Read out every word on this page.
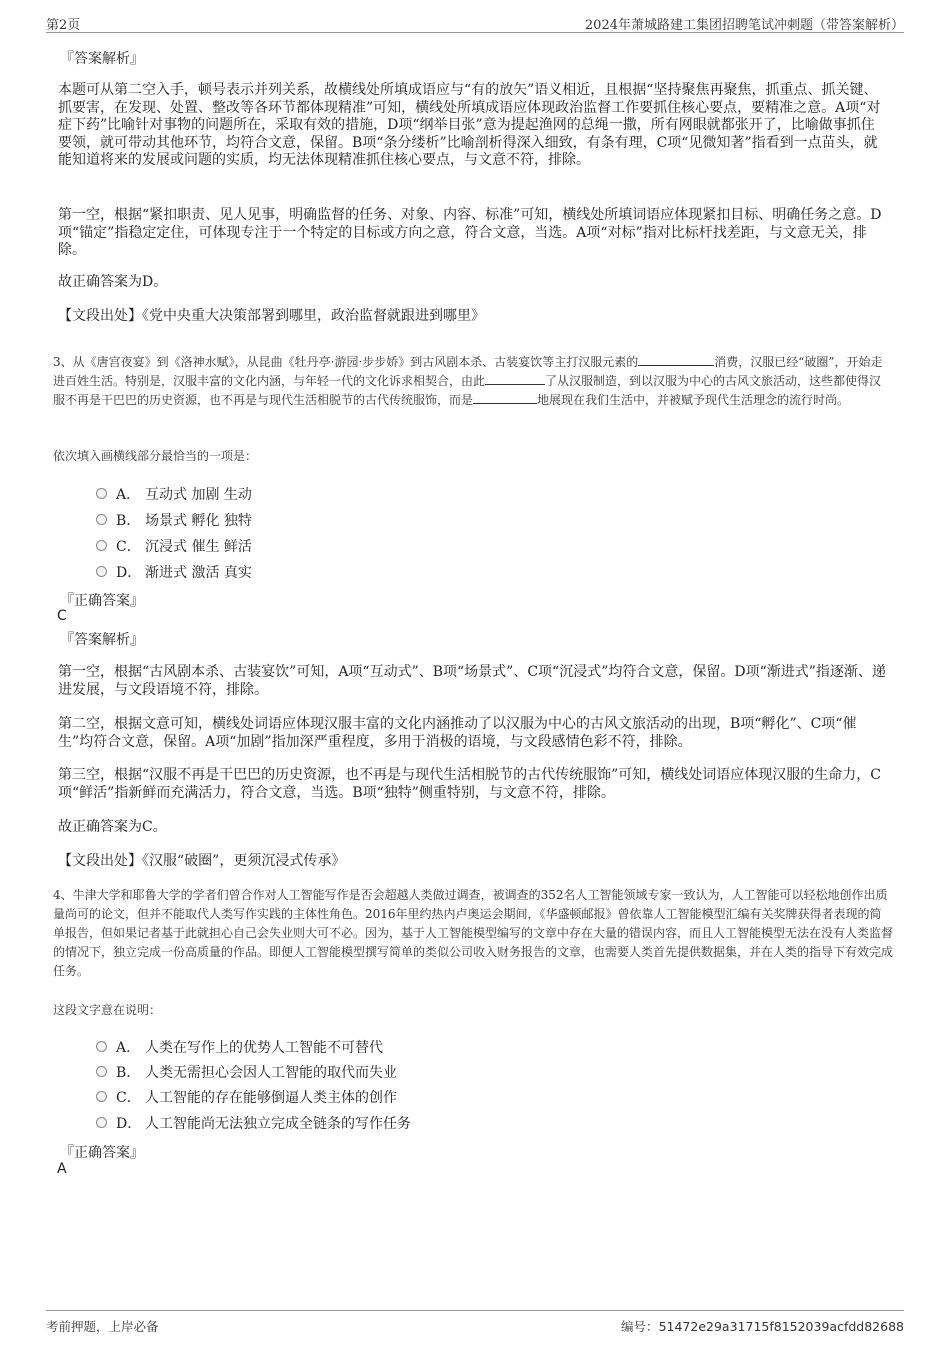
第2页	2024年萧城路建工集团招聘笔试冲刺题（带答案解析）
『答案解析』
本题可从第二空入手，顿号表示并列关系，故横线处所填成语应与“有的放矢”语义相近，且根据“坚持聚焦再聚焦，抓重点、抓关键、抓要害，在发现、处置、整改等各环节都体现精准”可知，横线处所填成语应体现政治监督工作要抓住核心要点，要精准之意。A项“对症下药”比喻针对事物的问题所在，采取有效的措施，D项“纲举目张”意为提起渔网的总绳一撒，所有网眼就都张开了，比喻做事抓住要领，就可带动其他环节，均符合文意，保留。B项“条分缕析”比喻剖析得深入细致，有条有理，C项“见微知著”指看到一点苗头，就能知道将来的发展或问题的实质，均无法体现精准抓住核心要点，与文意不符，排除。
第一空，根据“紧扣职责、见人见事，明确监督的任务、对象、内容、标准”可知，横线处所填词语应体现紧扣目标、明确任务之意。D项“锚定”指稳定定住，可体现专注于一个特定的目标或方向之意，符合文意，当选。A项“对标”指对比标杆找差距，与文意无关，排除。
故正确答案为D。
【文段出处】《党中央重大决策部署到哪里，政治监督就跟进到哪里》
3、从《唐宫夜宴》到《洛神水赋》，从昆曲《牡丹亭·游园·步步娇》到古风剧本杀、古装宴饮等主打汉服元素的	消费，汉服已经“破圈”，开始走进百姓生活。特别是，汉服丰富的文化内涵，与年轻一代的文化诉求相契合，由此	了从汉服制造，到以汉服为中心的古风文旅活动，这些都使得汉服不再是干巴巴的历史资源，也不再是与现代生活相脱节的古代传统服饰，而是	地展现在我们生活中，并被赋予现代生活理念的流行时尚。
依次填入画横线部分最恰当的一项是：
A． 互动式 加剧 生动
B． 场景式 孵化 独特
C． 沉浸式 催生 鲜活
D． 渐进式 激活 真实
『正确答案』
C
『答案解析』
第一空，根据“古风剧本杀、古装宴饮”可知，A项“互动式”、B项“场景式”、C项“沉浸式”均符合文意，保留。D项“渐进式”指逐渐、递进发展，与文段语境不符，排除。
第二空，根据文意可知，横线处词语应体现汉服丰富的文化内涵推动了以汉服为中心的古风文旅活动的出现，B项“孵化”、C项“催生”均符合文意，保留。A项“加剧”指加深严重程度，多用于消极的语境，与文段感情色彩不符，排除。
第三空，根据“汉服不再是干巴巴的历史资源，也不再是与现代生活相脱节的古代传统服饰”可知，横线处词语应体现汉服的生命力，C项“鲜活”指新鲜而充满活力，符合文意，当选。B项“独特”侧重特别，与文意不符，排除。
故正确答案为C。
【文段出处】《汉服“破圈”，更须沉浸式传承》
4、牛津大学和耶鲁大学的学者们曾合作对人工智能写作是否会超越人类做过调查，被调查的352名人工智能领域专家一致认为，人工智能可以轻松地创作出质量尚可的论文，但并不能取代人类写作实践的主体性角色。2016年里约热内卢奥运会期间，《华盛顿邮报》曾依靠人工智能模型汇编有关奖牌获得者表现的简单报告，但如果记者基于此就担心自己会失业则大可不必。因为，基于人工智能模型编写的文章中存在大量的错误内容，而且人工智能模型无法在没有人类监督的情况下，独立完成一份高质量的作品。即便人工智能模型撰写简单的类似公司收入财务报告的文章，也需要人类首先提供数据集，并在人类的指导下有效完成任务。
这段文字意在说明：
A． 人类在写作上的优势人工智能不可替代
B． 人类无需担心会因人工智能的取代而失业
C． 人工智能的存在能够倒逼人类主体的创作
D． 人工智能尚无法独立完成全链条的写作任务
『正确答案』
A
考前押题，上岸必备	编号：51472e29a31715f8152039acfdd82688
